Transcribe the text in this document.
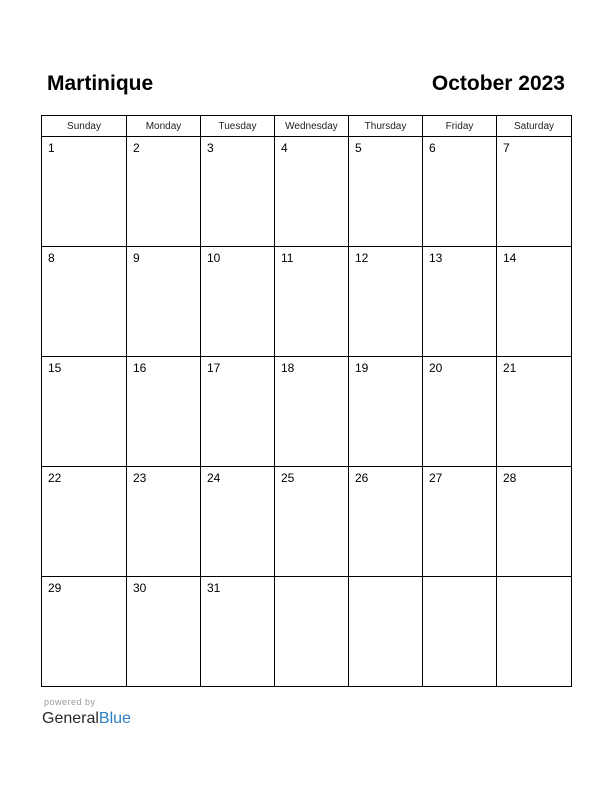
Martinique	October 2023
Sunday	Monday	Tuesday	Wednesday	Thursday	Friday	Saturday

1	2	3	4	5	6	7

8	9	10	11	12	13	14

15	16	17	18	19	20	21

22	23	24	25	26	27	28

29	30	31				

powered by
GeneralBlue
